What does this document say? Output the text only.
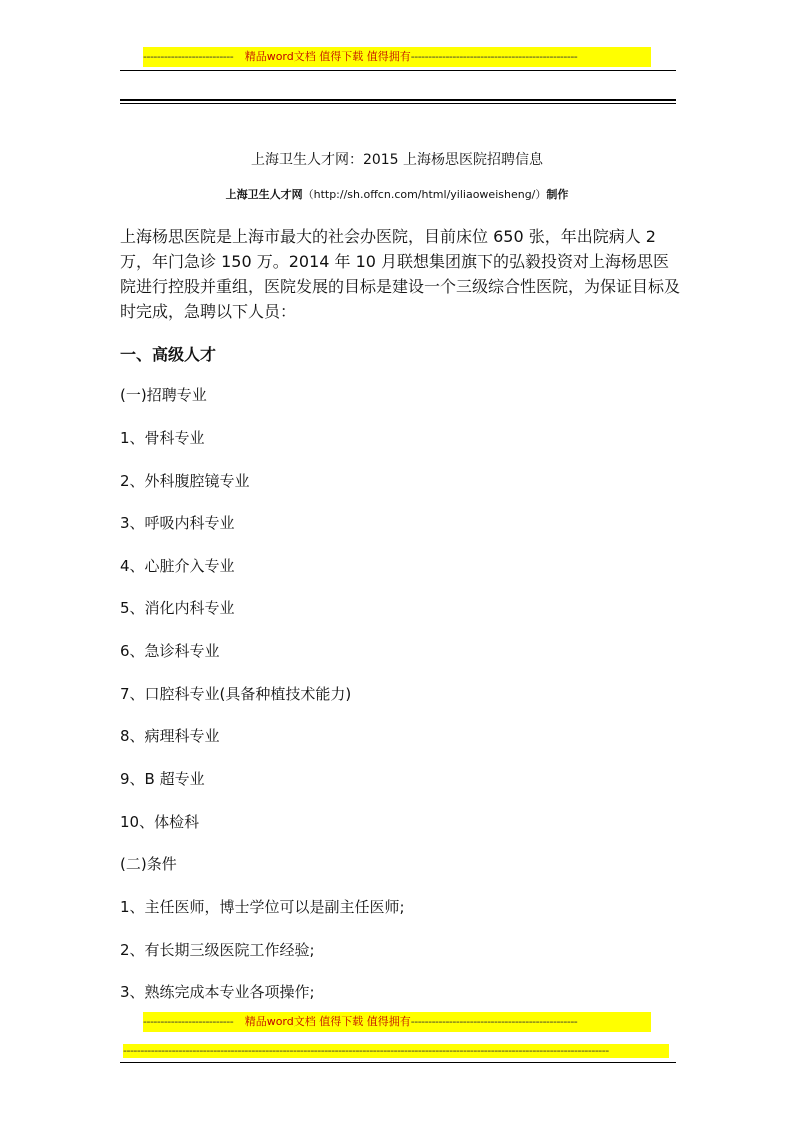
-------------------------- 精品word文档 值得下载 值得拥有------------------------------------------------
上海卫生人才网：2015 上海杨思医院招聘信息
上海卫生人才网（http://sh.offcn.com/html/yiliaoweisheng/）制作
上海杨思医院是上海市最大的社会办医院，目前床位 650 张，年出院病人 2 万，年门急诊 150 万。2014 年 10 月联想集团旗下的弘毅投资对上海杨思医院进行控股并重组，医院发展的目标是建设一个三级综合性医院，为保证目标及时完成，急聘以下人员：
一、高级人才
(一)招聘专业
1、骨科专业
2、外科腹腔镜专业
3、呼吸内科专业
4、心脏介入专业
5、消化内科专业
6、急诊科专业
7、口腔科专业(具备种植技术能力)
8、病理科专业
9、B 超专业
10、体检科
(二)条件
1、主任医师，博士学位可以是副主任医师;
2、有长期三级医院工作经验;
3、熟练完成本专业各项操作;
-------------------------- 精品word文档 值得下载 值得拥有------------------------------------------------
--------------------------------------------------------------------------------------------------------------------------------------------
